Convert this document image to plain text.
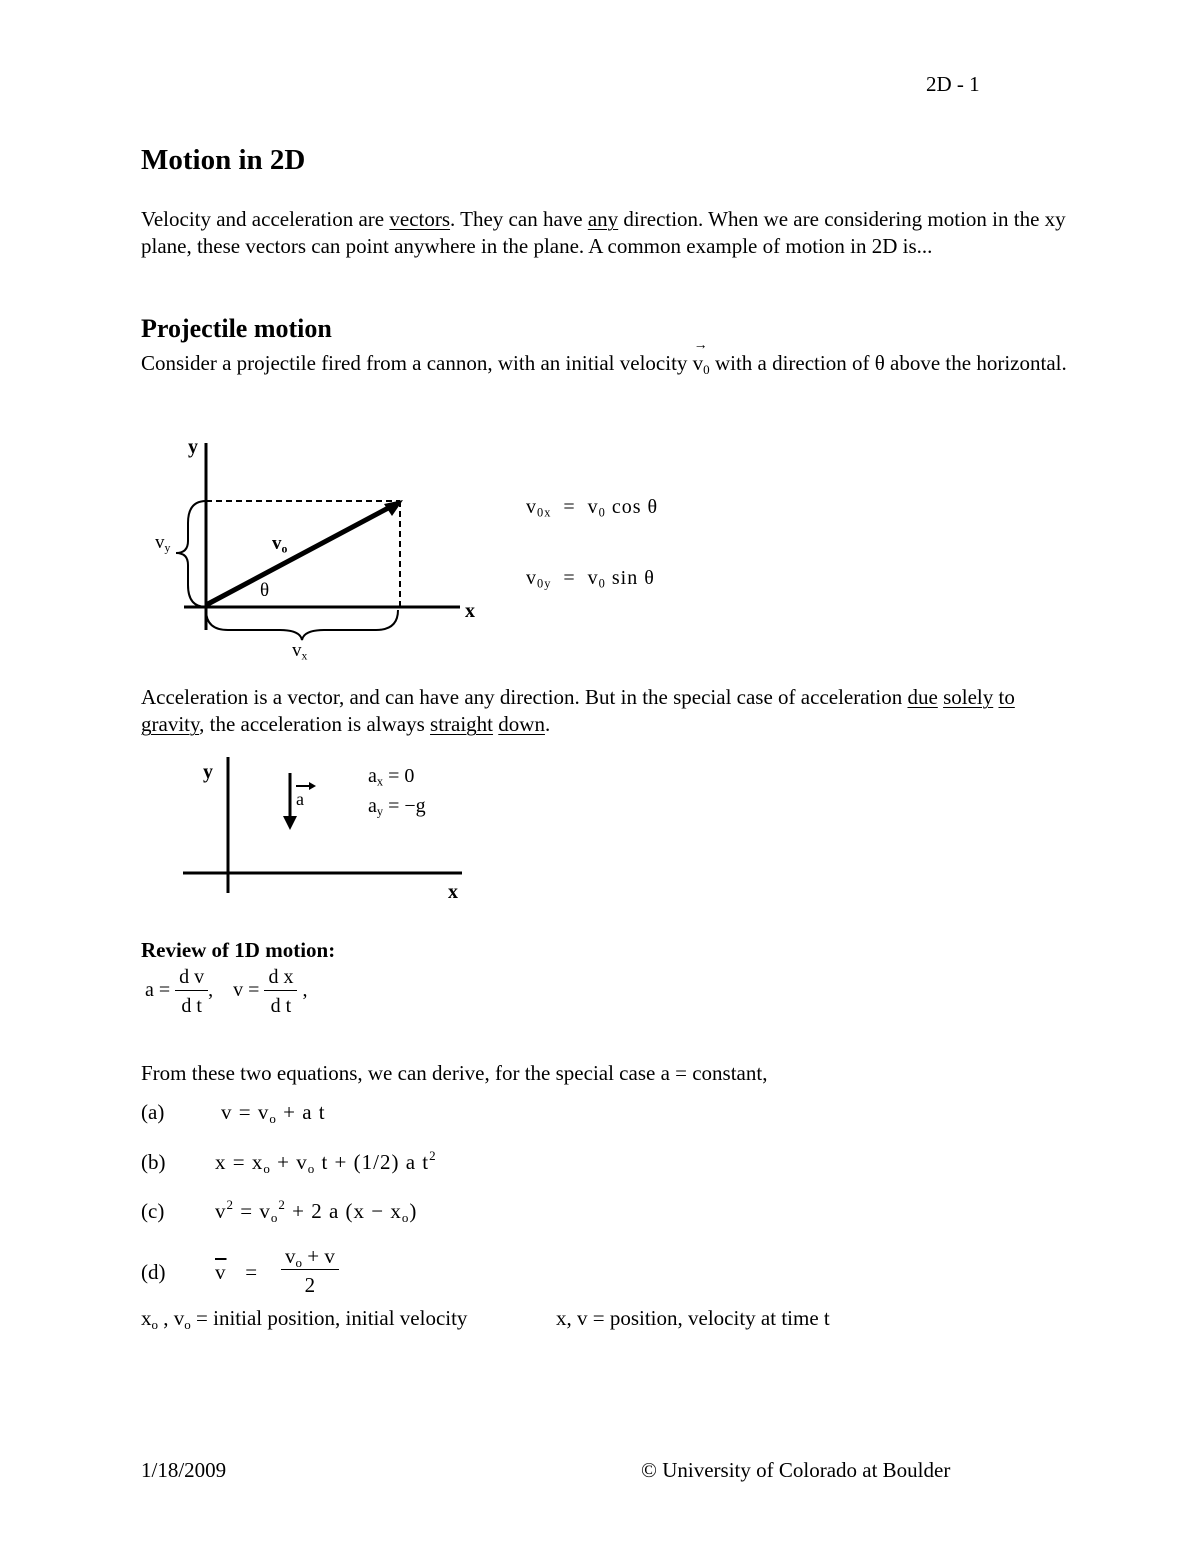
2D - 1
Motion in 2D

Velocity and acceleration are vectors. They can have any direction. When we are considering motion in the xy plane, these vectors can point anywhere in the plane. A common example of motion in 2D is...

Projectile motion

Consider a projectile fired from a cannon, with an initial velocity → $v_0$ with a direction of θ above the horizontal.

y
x
$v_y$
$v_x$
$v_o$
θ
$v_{0x} = v_0$ cos θ
$v_{0y} = v_0$ sin θ

Acceleration is a vector, and can have any direction. But in the special case of acceleration due solely to gravity, the acceleration is always straight down.

y
x
a
$a_x = 0$
$a_y = -g$
Review of 1D motion:
$a = \frac{\text{d v}}{\text{d t}}$ , $v = \frac{\text{d x}}{\text{d t}}$ ,
From these two equations, we can derive, for the special case a = constant,
(a)	$v = v_o + a$ t
(b) $x = x_o + v_o$ t + (1/2) a $t^2$
(c) $v^2 = v_o^2 + 2$ a $(x - x_o)$
(d) $\overline{v} = \frac{v_o + v}{2}$
$x_o$ , $v_o$ = initial position, initial velocity	x, v = position, velocity at time t
1/18/2009	© University of Colorado at Boulder
